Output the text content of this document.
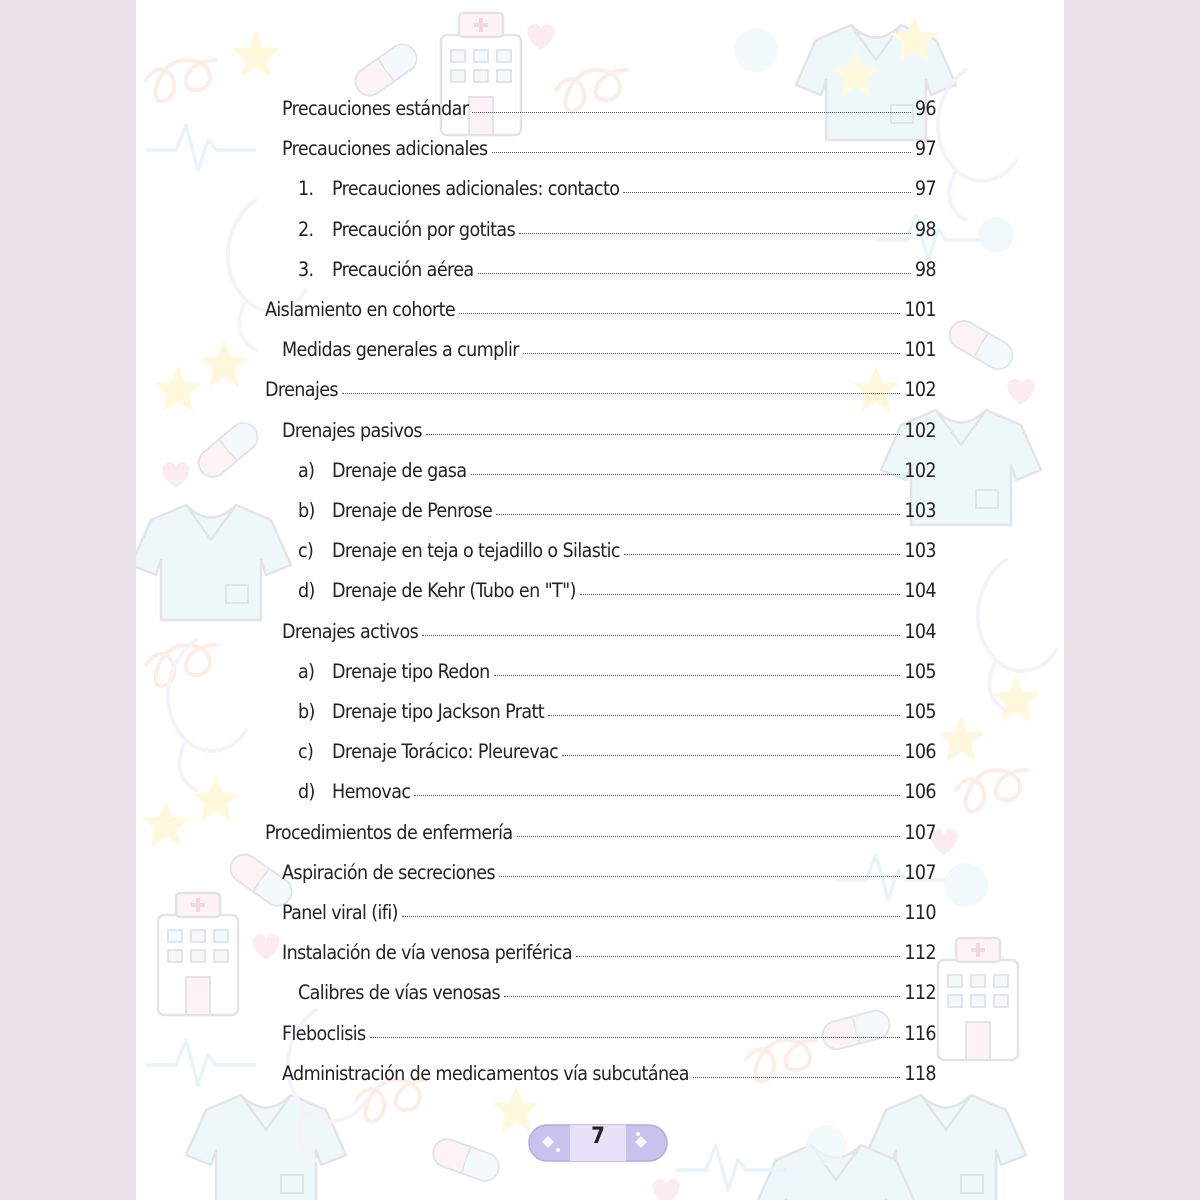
Precauciones estándar	96
Precauciones adicionales	97
1. Precauciones adicionales: contacto	97
2. Precaución por gotitas	98
3. Precaución aérea	98
Aislamiento en cohorte	101
Medidas generales a cumplir	101
Drenajes	102
Drenajes pasivos	102
a) Drenaje de gasa	102
b) Drenaje de Penrose	103
c) Drenaje en teja o tejadillo o Silastic	103
d) Drenaje de Kehr (Tubo en "T")	104
Drenajes activos	104
a) Drenaje tipo Redon	105
b) Drenaje tipo Jackson Pratt	105
c) Drenaje Torácico: Pleurevac	106
d) Hemovac	106
Procedimientos de enfermería	107
Aspiración de secreciones	107
Panel viral (ifi)	110
Instalación de vía venosa periférica	112
Calibres de vías venosas	112
Fleboclisis	116
Administración de medicamentos vía subcutánea	118
7
